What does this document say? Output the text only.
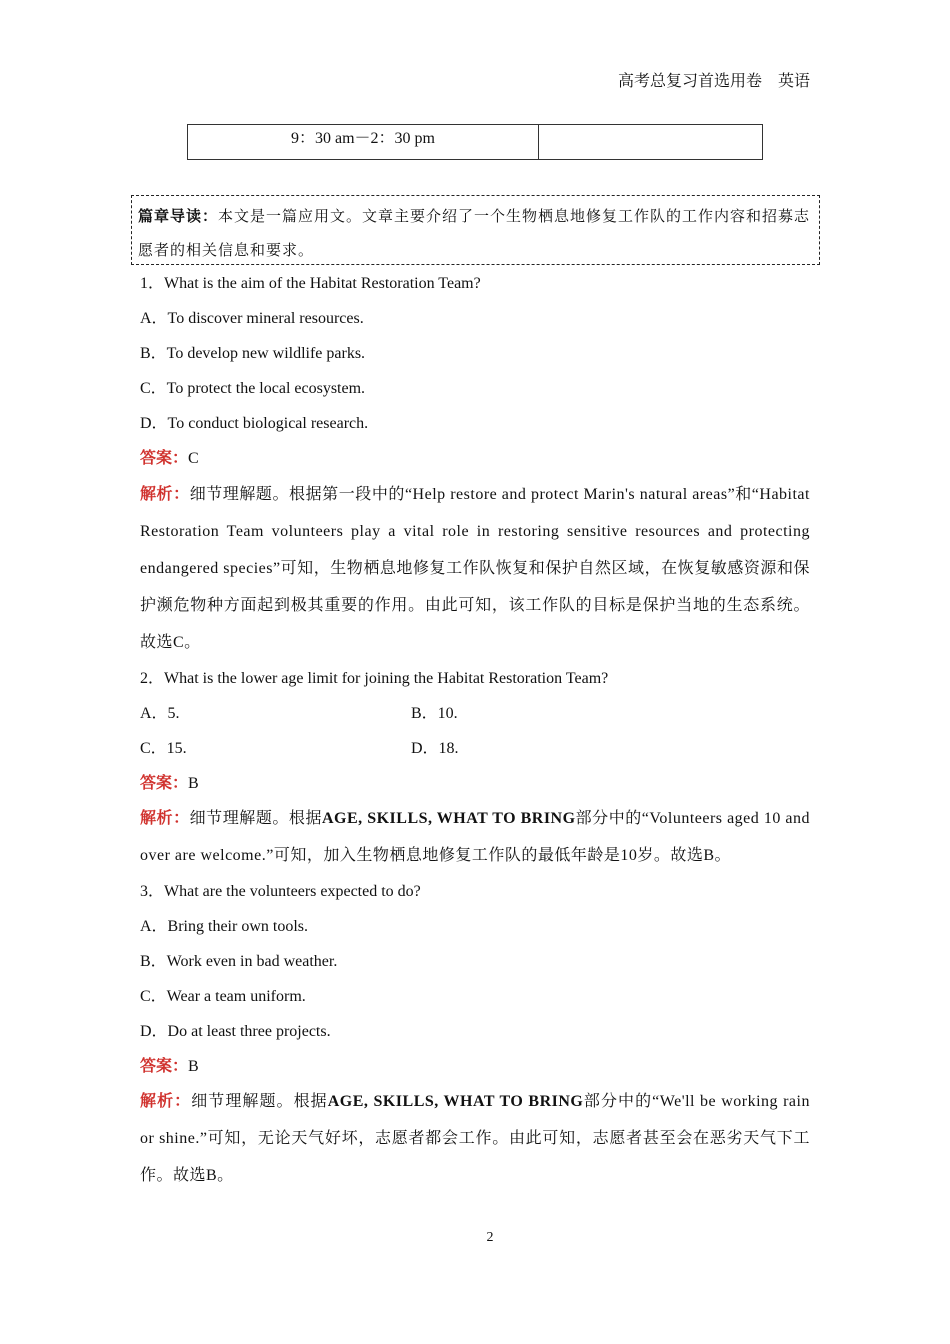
高考总复习首选用卷　英语
9：30 am－2：30 pm
篇章导读：本文是一篇应用文。文章主要介绍了一个生物栖息地修复工作队的工作内容和招募志愿者的相关信息和要求。
1．What is the aim of the Habitat Restoration Team?
A．To discover mineral resources.
B．To develop new wildlife parks.
C．To protect the local ecosystem.
D．To conduct biological research.
答案：C
解析：细节理解题。根据第一段中的“Help restore and protect Marin's natural areas”和“Habitat Restoration Team volunteers play a vital role in restoring sensitive resources and protecting endangered species”可知，生物栖息地修复工作队恢复和保护自然区域，在恢复敏感资源和保护濒危物种方面起到极其重要的作用。由此可知，该工作队的目标是保护当地的生态系统。故选C。
2．What is the lower age limit for joining the Habitat Restoration Team?
A．5.	B．10.
C．15.	D．18.
答案：B
解析：细节理解题。根据AGE, SKILLS, WHAT TO BRING部分中的“Volunteers aged 10 and over are welcome.”可知，加入生物栖息地修复工作队的最低年龄是10岁。故选B。
3．What are the volunteers expected to do?
A．Bring their own tools.
B．Work even in bad weather.
C．Wear a team uniform.
D．Do at least three projects.
答案：B
解析：细节理解题。根据AGE, SKILLS, WHAT TO BRING部分中的“We'll be working rain or shine.”可知，无论天气好坏，志愿者都会工作。由此可知，志愿者甚至会在恶劣天气下工作。故选B。
2
